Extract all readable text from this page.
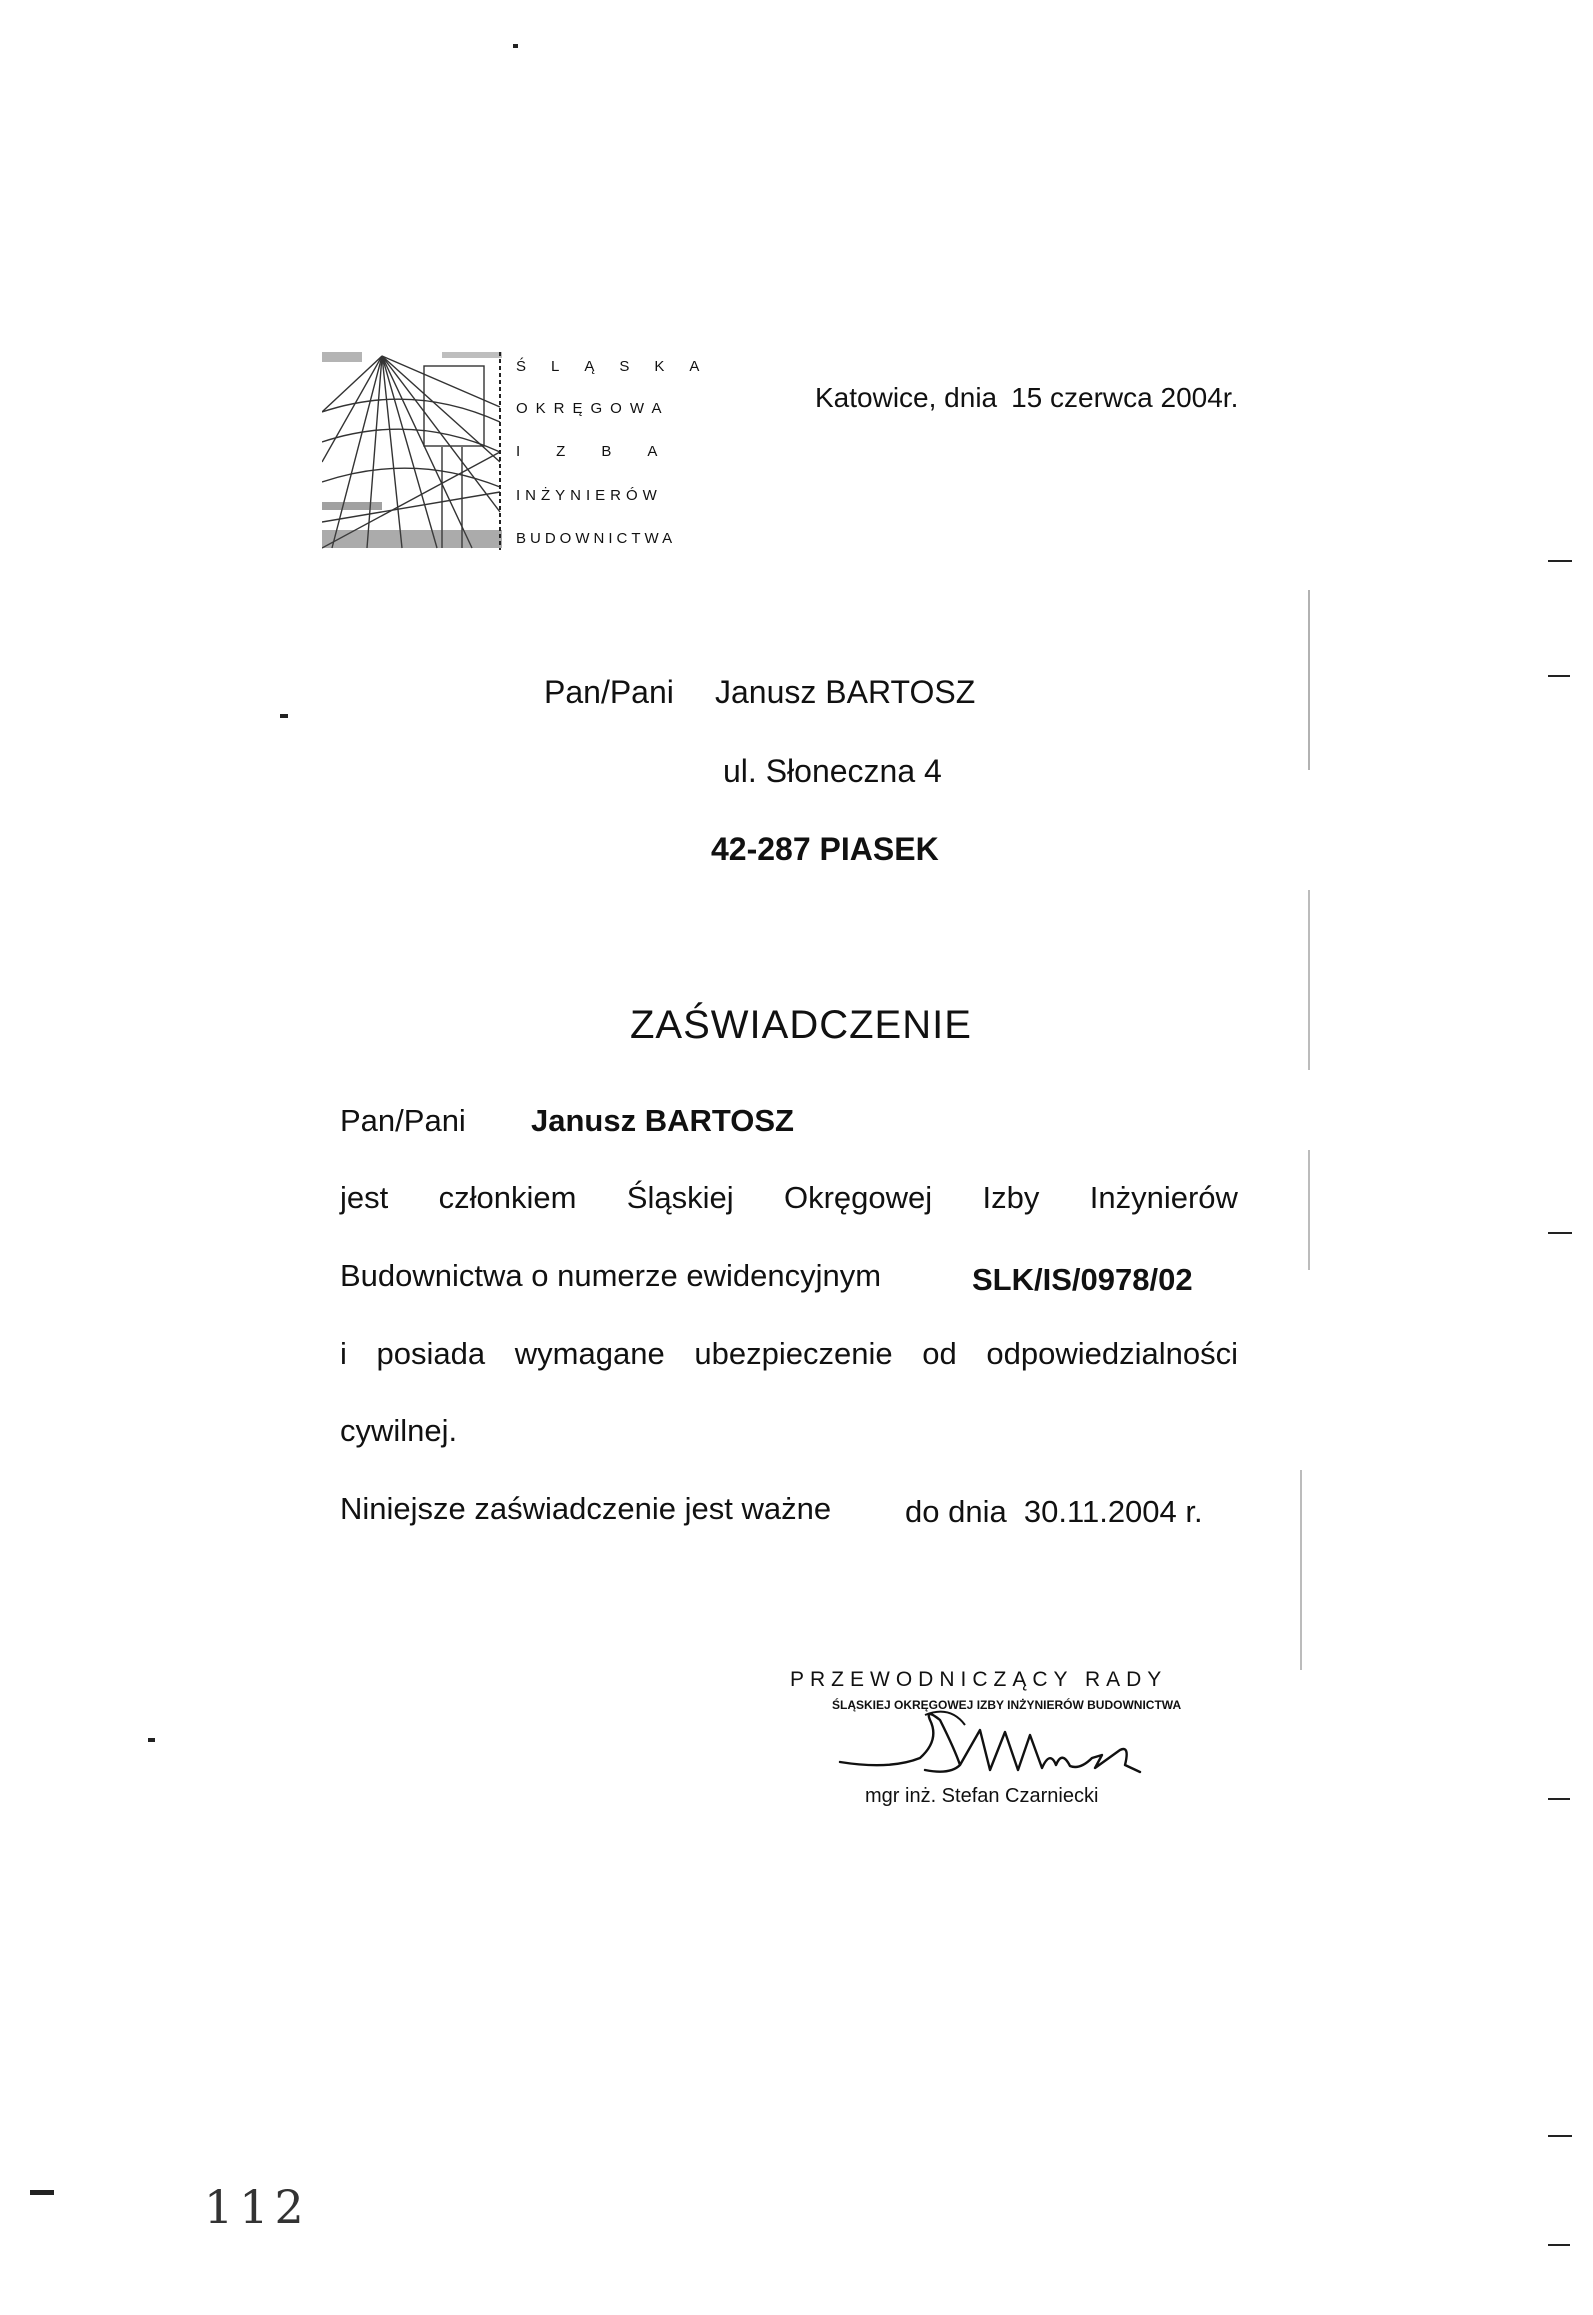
ŚLĄSKA
OKRĘGOWA
IZBA
INŻYNIERÓW
BUDOWNICTWA
Katowice, dnia 15 czerwca 2004r.
Pan/Pani Janusz BARTOSZ
ul. Słoneczna 4
42-287 PIASEK
ZAŚWIADCZENIE
Pan/Pani Janusz BARTOSZ
jest członkiem Śląskiej Okręgowej Izby Inżynierów
Budownictwa o numerze ewidencyjnym	SLK/IS/0978/02
i posiada wymagane ubezpieczenie od odpowiedzialności
cywilnej.
Niniejsze zaświadczenie jest ważne do dnia  30.11.2004 r.
PRZEWODNICZĄCY RADY
ŚLĄSKIEJ OKRĘGOWEJ IZBY INŻYNIERÓW BUDOWNICTWA
mgr inż. Stefan Czarniecki
112
